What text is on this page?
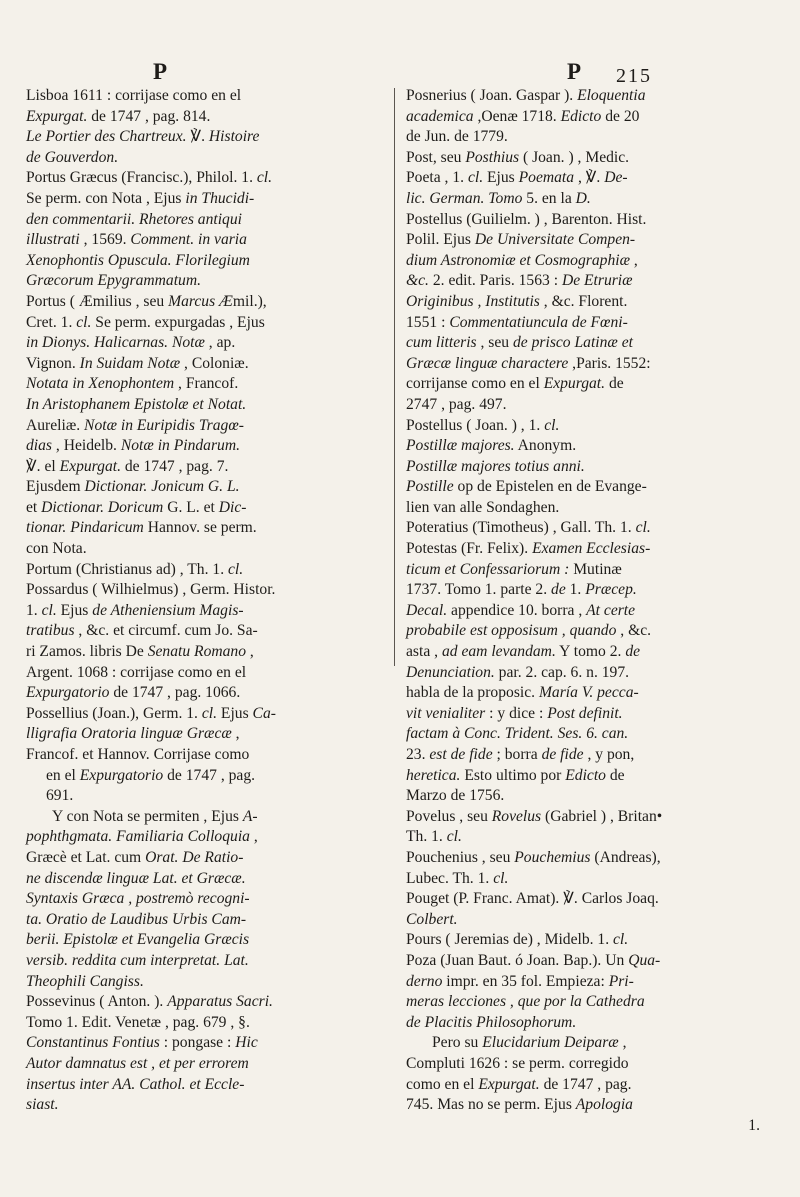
P	P 215
Lisboa 1611 : corrijase como en el
Expurgat. de 1747 , pag. 814.
Le Portier des Chartreux. ℣. Histoire
de Gouverdon.
Portus Græcus (Francisc.), Philol. 1. cl.
Se perm. con Nota , Ejus in Thucidi-
den commentarii. Rhetores antiqui
illustrati , 1569. Comment. in varia
Xenophontis Opuscula. Florilegium
Græcorum Epygrammatum.
Portus ( Æmilius , seu Marcus Æmil.),
Cret. 1. cl. Se perm. expurgadas , Ejus
in Dionys. Halicarnas. Notæ , ap.
Vignon. In Suidam Notæ , Coloniæ.
Notata in Xenophontem , Francof.
In Aristophanem Epistolæ et Notat.
Aureliæ. Notæ in Euripidis Tragœ-
dias , Heidelb. Notæ in Pindarum.
℣. el Expurgat. de 1747 , pag. 7.
Ejusdem Dictionar. Jonicum G. L.
et Dictionar. Doricum G. L. et Dic-
tionar. Pindaricum Hannov. se perm.
con Nota.
Portum (Christianus ad) , Th. 1. cl.
Possardus ( Wilhielmus) , Germ. Histor.
1. cl. Ejus de Atheniensium Magis-
tratibus , &c. et circumf. cum Jo. Sa-
ri Zamos. libris De Senatu Romano ,
Argent. 1068 : corrijase como en el
Expurgatorio de 1747 , pag. 1066.
Possellius (Joan.), Germ. 1. cl. Ejus Ca-
lligrafia Oratoria linguæ Græcæ ,
Francof. et Hannov. Corrijase como
en el Expurgatorio de 1747 , pag.
691.
Y con Nota se permiten , Ejus A-
pophthgmata. Familiaria Colloquia ,
Græcè et Lat. cum Orat. De Ratio-
ne discendæ linguæ Lat. et Græcæ.
Syntaxis Græca , postremò recogni-
ta. Oratio de Laudibus Urbis Cam-
berii. Epistolæ et Evangelia Græcis
versib. reddita cum interpretat. Lat.
Theophili Cangiss.
Possevinus ( Anton. ). Apparatus Sacri.
Tomo 1. Edit. Venetæ , pag. 679 , §.
Constantinus Fontius : pongase : Hic
Autor damnatus est , et per errorem
insertus inter AA. Cathol. et Eccle-
siast.
Posnerius ( Joan. Gaspar ). Eloquentia
academica ,Oenæ 1718. Edicto de 20
de Jun. de 1779.
Post, seu Posthius ( Joan. ) , Medic.
Poeta , 1. cl. Ejus Poemata , ℣. De-
lic. German. Tomo 5. en la D.
Postellus (Guilielm. ) , Barenton. Hist.
Polil. Ejus De Universitate Compen-
dium Astronomiæ et Cosmographiæ ,
&c. 2. edit. Paris. 1563 : De Etruriæ
Originibus , Institutis , &c. Florent.
1551 : Commentatiuncula de Fœni-
cum litteris , seu de prisco Latinæ et
Græcæ linguæ charactere ,Paris. 1552:
corrijanse como en el Expurgat. de
2747 , pag. 497.
Postellus ( Joan. ) , 1. cl.
Postillæ majores. Anonym.
Postillæ majores totius anni.
Postille op de Epistelen en de Evange-
lien van alle Sondaghen.
Poteratius (Timotheus) , Gall. Th. 1. cl.
Potestas (Fr. Felix). Examen Ecclesias-
ticum et Confessariorum : Mutinæ
1737. Tomo 1. parte 2. de 1. Præcep.
Decal. appendice 10. borra , At certe
probabile est opposisum , quando , &c.
asta , ad eam levandam. Y tomo 2. de
Denunciation. par. 2. cap. 6. n. 197.
habla de la proposic. María V. pecca-
vit venialiter : y dice : Post definit.
factam à Conc. Trident. Ses. 6. can.
23. est de fide ; borra de fide , y pon,
heretica. Esto ultimo por Edicto de
Marzo de 1756.
Povelus , seu Rovelus (Gabriel ) , Britan•
Th. 1. cl.
Pouchenius , seu Pouchemius (Andreas),
Lubec. Th. 1. cl.
Pouget (P. Franc. Amat). ℣. Carlos Joaq.
Colbert.
Pours ( Jeremias de) , Midelb. 1. cl.
Poza (Juan Baut. ó Joan. Bap.). Un Qua-
derno impr. en 35 fol. Empieza: Pri-
meras lecciones , que por la Cathedra
de Placitis Philosophorum.
Pero su Elucidarium Deiparæ ,
Compluti 1626 : se perm. corregido
como en el Expurgat. de 1747 , pag.
745. Mas no se perm. Ejus Apologia
1.
